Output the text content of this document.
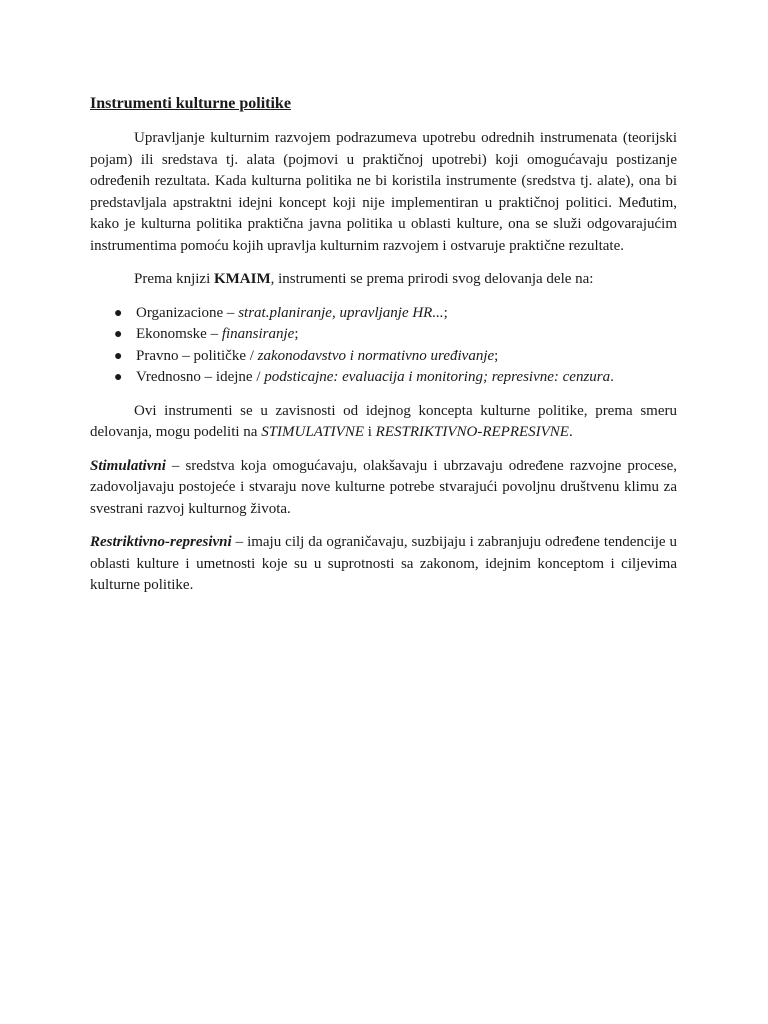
Instrumenti kulturne politike

Upravljanje kulturnim razvojem podrazumeva upotrebu odrednih instrumenata (teorijski pojam) ili sredstava tj. alata (pojmovi u praktičnoj upotrebi) koji omogućavaju postizanje određenih rezultata. Kada kulturna politika ne bi koristila instrumente (sredstva tj. alate), ona bi predstavljala apstraktni idejni koncept koji nije implementiran u praktičnoj politici. Međutim, kako je kulturna politika praktična javna politika u oblasti kulture, ona se služi odgovarajućim instrumentima pomoću kojih upravlja kulturnim razvojem i ostvaruje praktične rezultate.

Prema knjizi KMAIM, instrumenti se prema prirodi svog delovanja dele na:

● Organizacione – strat.planiranje, upravljanje HR...;
● Ekonomske – finansiranje;
● Pravno – političke / zakonodavstvo i normativno uređivanje;
● Vrednosno – idejne / podsticajne: evaluacija i monitoring; represivne: cenzura.

Ovi instrumenti se u zavisnosti od idejnog koncepta kulturne politike, prema smeru delovanja, mogu podeliti na STIMULATIVNE i RESTRIKTIVNO-REPRESIVNE.

Stimulativni – sredstva koja omogućavaju, olakšavaju i ubrzavaju određene razvojne procese, zadovoljavaju postojeće i stvaraju nove kulturne potrebe stvarajući povoljnu društvenu klimu za svestrani razvoj kulturnog života.

Restriktivno-represivni – imaju cilj da ograničavaju, suzbijaju i zabranjuju određene tendencije u oblasti kulture i umetnosti koje su u suprotnosti sa zakonom, idejnim konceptom i ciljevima kulturne politike.
